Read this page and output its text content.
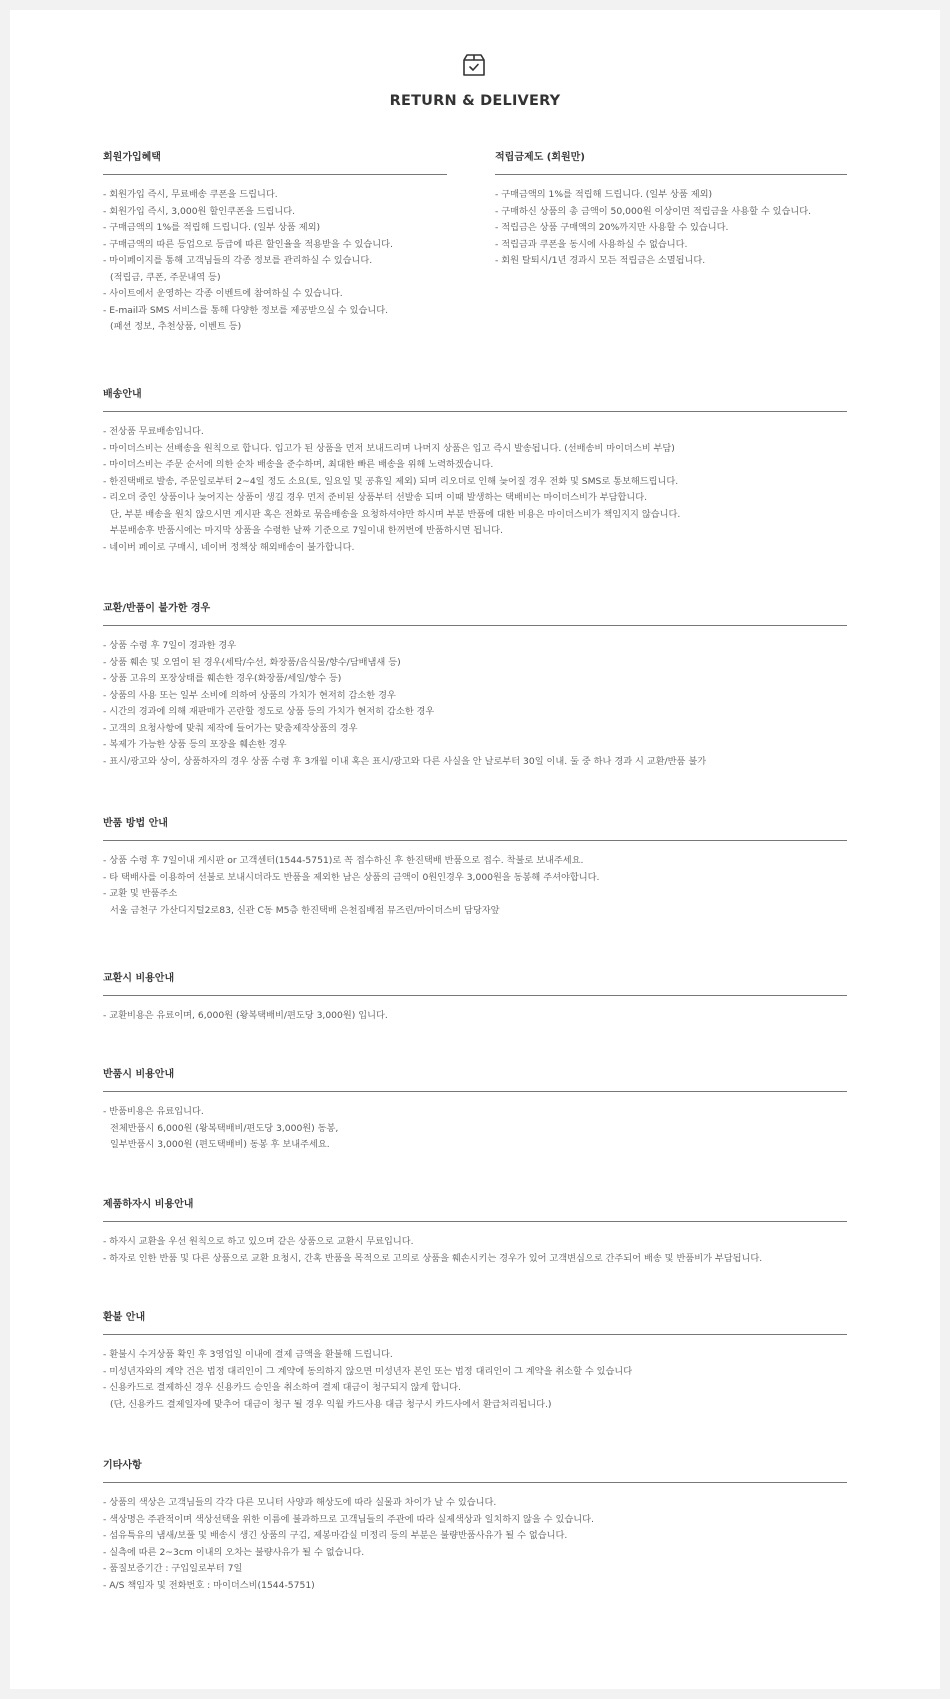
RETURN & DELIVERY
회원가입혜택
- 회원가입 즉시, 무료배송 쿠폰을 드립니다.
- 회원가입 즉시, 3,000원 할인쿠폰을 드립니다.
- 구매금액의 1%를 적립해 드립니다. (일부 상품 제외)
- 구매금액의 따른 등업으로 등급에 따른 할인율을 적용받을 수 있습니다.
- 마이페이지를 통해 고객님들의 각종 정보를 관리하실 수 있습니다.
(적립금, 쿠폰, 주문내역 등)
- 사이트에서 운영하는 각종 이벤트에 참여하실 수 있습니다.
- E-mail과 SMS 서비스를 통해 다양한 정보를 제공받으실 수 있습니다.
(패션 정보, 추천상품, 이벤트 등)
적립금제도 (회원만)
- 구매금액의 1%를 적립해 드립니다. (일부 상품 제외)
- 구매하신 상품의 총 금액이 50,000원 이상이면 적립금을 사용할 수 있습니다.
- 적립금은 상품 구매액의 20%까지만 사용할 수 있습니다.
- 적립금과 쿠폰을 동시에 사용하실 수 없습니다.
- 회원 탈퇴시/1년 경과시 모든 적립금은 소멸됩니다.
배송안내
- 전상품 무료배송입니다.
- 마이더스비는 선배송을 원칙으로 합니다. 입고가 된 상품을 먼저 보내드리며 나머지 상품은 입고 즉시 발송됩니다. (선배송비 마이더스비 부담)
- 마이더스비는 주문 순서에 의한 순차 배송을 준수하며, 최대한 빠른 배송을 위해 노력하겠습니다.
- 한진택배로 발송, 주문일로부터 2~4일 정도 소요(토, 일요일 및 공휴일 제외) 되며 리오더로 인해 늦어질 경우 전화 및 SMS로 통보해드립니다.
- 리오더 중인 상품이나 늦어지는 상품이 생길 경우 먼저 준비된 상품부터 선발송 되며 이때 발생하는 택배비는 마이더스비가 부담합니다.
단, 부분 배송을 원치 않으시면 게시판 혹은 전화로 묶음배송을 요청하셔야만 하시며 부분 반품에 대한 비용은 마이더스비가 책임지지 않습니다.
부분배송후 반품시에는 마지막 상품을 수령한 날짜 기준으로 7일이내 한꺼번에 반품하시면 됩니다.
- 네이버 페이로 구매시, 네이버 정책상 해외배송이 불가합니다.
교환/반품이 불가한 경우
- 상품 수령 후 7일이 경과한 경우
- 상품 훼손 및 오염이 된 경우(세탁/수선, 화장품/음식물/향수/담배냄새 등)
- 상품 고유의 포장상태를 훼손한 경우(화장품/세일/향수 등)
- 상품의 사용 또는 일부 소비에 의하여 상품의 가치가 현저히 감소한 경우
- 시간의 경과에 의해 재판매가 곤란할 정도로 상품 등의 가치가 현저히 감소한 경우
- 고객의 요청사항에 맞춰 제작에 들어가는 맞춤제작상품의 경우
- 복제가 가능한 상품 등의 포장을 훼손한 경우
- 표시/광고와 상이, 상품하자의 경우 상품 수령 후 3개월 이내 혹은 표시/광고와 다른 사실을 안 날로부터 30일 이내. 둘 중 하나 경과 시 교환/반품 불가
반품 방법 안내
- 상품 수령 후 7일이내 게시판 or 고객센터(1544-5751)로 꼭 접수하신 후 한진택배 반품으로 접수. 착불로 보내주세요.
- 타 택배사를 이용하여 선불로 보내시더라도 반품을 제외한 남은 상품의 금액이 0원인경우 3,000원을 동봉해 주셔야합니다.
- 교환 및 반품주소
서울 금천구 가산디지털2로83, 신관 C동 M5층 한진택배 은천집배점 뮤즈린/마이더스비 담당자앞
교환시 비용안내
- 교환비용은 유료이며, 6,000원 (왕복택배비/편도당 3,000원) 입니다.
반품시 비용안내
- 반품비용은 유료입니다.
전체반품시 6,000원 (왕복택배비/편도당 3,000원) 동봉,
일부반품시 3,000원 (편도택배비) 동봉 후 보내주세요.
제품하자시 비용안내
- 하자시 교환을 우선 원칙으로 하고 있으며 같은 상품으로 교환시 무료입니다.
- 하자로 인한 반품 및 다른 상품으로 교환 요청시, 간혹 반품을 목적으로 고의로 상품을 훼손시키는 경우가 있어 고객변심으로 간주되어 배송 및 반품비가 부담됩니다.
환불 안내
- 환불시 수거상품 확인 후 3영업일 이내에 결제 금액을 환불해 드립니다.
- 미성년자와의 계약 건은 법정 대리인이 그 계약에 동의하지 않으면 미성년자 본인 또는 법정 대리인이 그 계약을 취소할 수 있습니다
- 신용카드로 결제하신 경우 신용카드 승인을 취소하여 결제 대금이 청구되지 않게 합니다.
(단, 신용카드 결제일자에 맞추어 대금이 청구 될 경우 익월 카드사용 대금 청구시 카드사에서 환급처리됩니다.)
기타사항
- 상품의 색상은 고객님들의 각각 다른 모니터 사양과 해상도에 따라 실물과 차이가 날 수 있습니다.
- 색상명은 주관적이며 색상선택을 위한 이름에 불과하므로 고객님들의 주관에 따라 실제색상과 일치하지 않을 수 있습니다.
- 섬유특유의 냄새/보풀 및 배송시 생긴 상품의 구김, 제봉마감실 미정리 등의 부분은 불량반품사유가 될 수 없습니다.
- 실측에 따른 2~3cm 이내의 오차는 불량사유가 될 수 없습니다.
- 품질보증기간 : 구입일로부터 7일
- A/S 책임자 및 전화번호 : 마이더스비(1544-5751)
